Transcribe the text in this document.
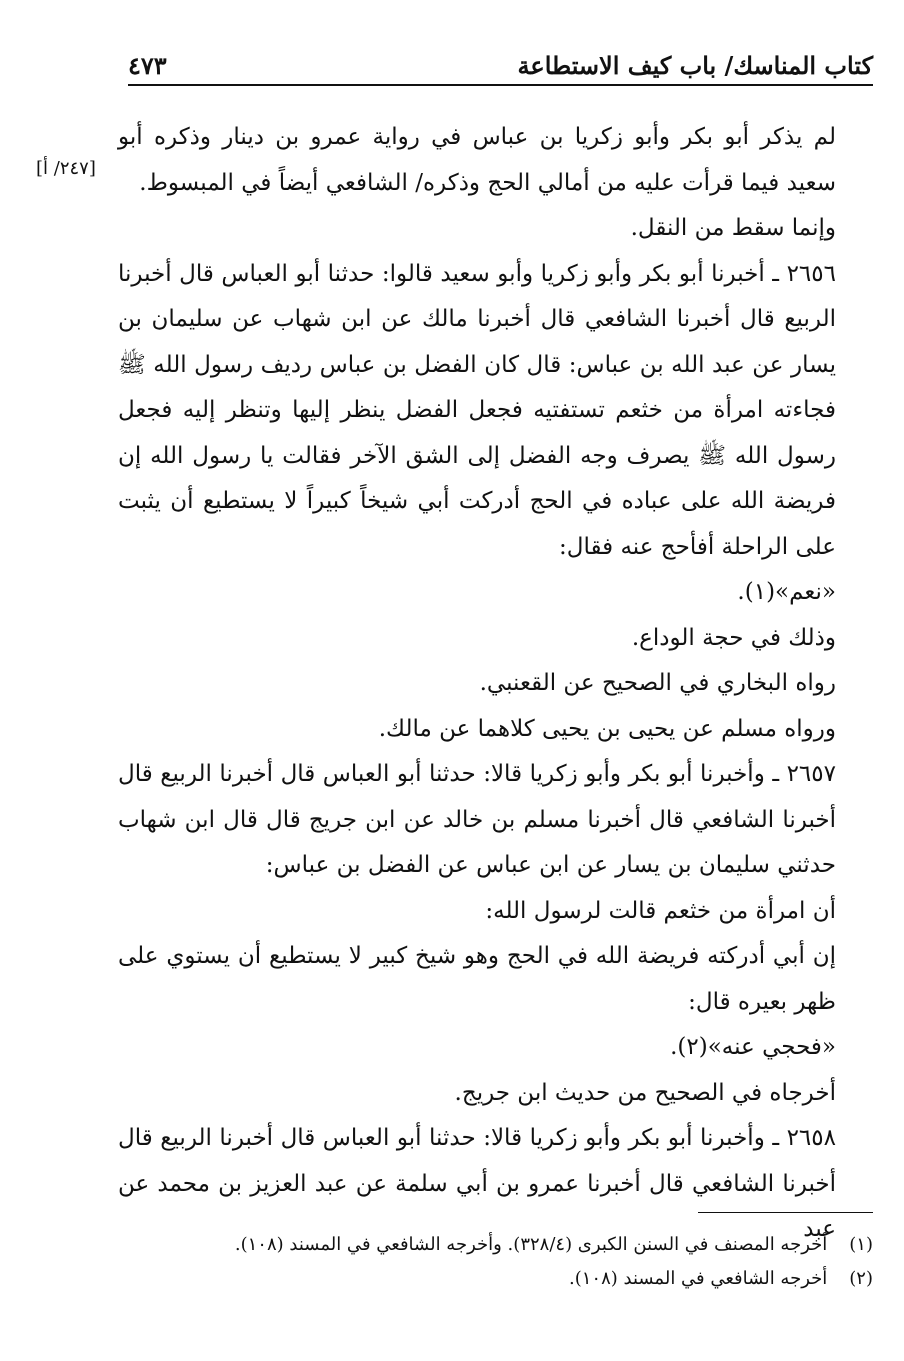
كتاب المناسك/ باب كيف الاستطاعة
٤٧٣
[٢٤٧/ أ]

لم يذكر أبو بكر وأبو زكريا بن عباس في رواية عمرو بن دينار وذكره أبو سعيد فيما قرأت عليه من أمالي الحج وذكره/ الشافعي أيضاً في المبسوط.

وإنما سقط من النقل.

٢٦٥٦ ـ أخبرنا أبو بكر وأبو زكريا وأبو سعيد قالوا: حدثنا أبو العباس قال أخبرنا الربيع قال أخبرنا الشافعي قال أخبرنا مالك عن ابن شهاب عن سليمان بن يسار عن عبد الله بن عباس: قال كان الفضل بن عباس رديف رسول الله ﷺ فجاءته امرأة من خثعم تستفتيه فجعل الفضل ينظر إليها وتنظر إليه فجعل رسول الله ﷺ يصرف وجه الفضل إلى الشق الآخر فقالت يا رسول الله إن فريضة الله على عباده في الحج أدركت أبي شيخاً كبيراً لا يستطيع أن يثبت على الراحلة أفأحج عنه فقال:

«نعم»(١).

وذلك في حجة الوداع.

رواه البخاري في الصحيح عن القعنبي.

ورواه مسلم عن يحيى بن يحيى كلاهما عن مالك.

٢٦٥٧ ـ وأخبرنا أبو بكر وأبو زكريا قالا: حدثنا أبو العباس قال أخبرنا الربيع قال أخبرنا الشافعي قال أخبرنا مسلم بن خالد عن ابن جريج قال قال ابن شهاب حدثني سليمان بن يسار عن ابن عباس عن الفضل بن عباس:

أن امرأة من خثعم قالت لرسول الله:

إن أبي أدركته فريضة الله في الحج وهو شيخ كبير لا يستطيع أن يستوي على ظهر بعيره قال:

«فحجي عنه»(٢).

أخرجاه في الصحيح من حديث ابن جريج.

٢٦٥٨ ـ وأخبرنا أبو بكر وأبو زكريا قالا: حدثنا أبو العباس قال أخبرنا الربيع قال أخبرنا الشافعي قال أخبرنا عمرو بن أبي سلمة عن عبد العزيز بن محمد عن عبد

(١) أخرجه المصنف في السنن الكبرى (٣٢٨/٤). وأخرجه الشافعي في المسند (١٠٨).

(٢) أخرجه الشافعي في المسند (١٠٨).
